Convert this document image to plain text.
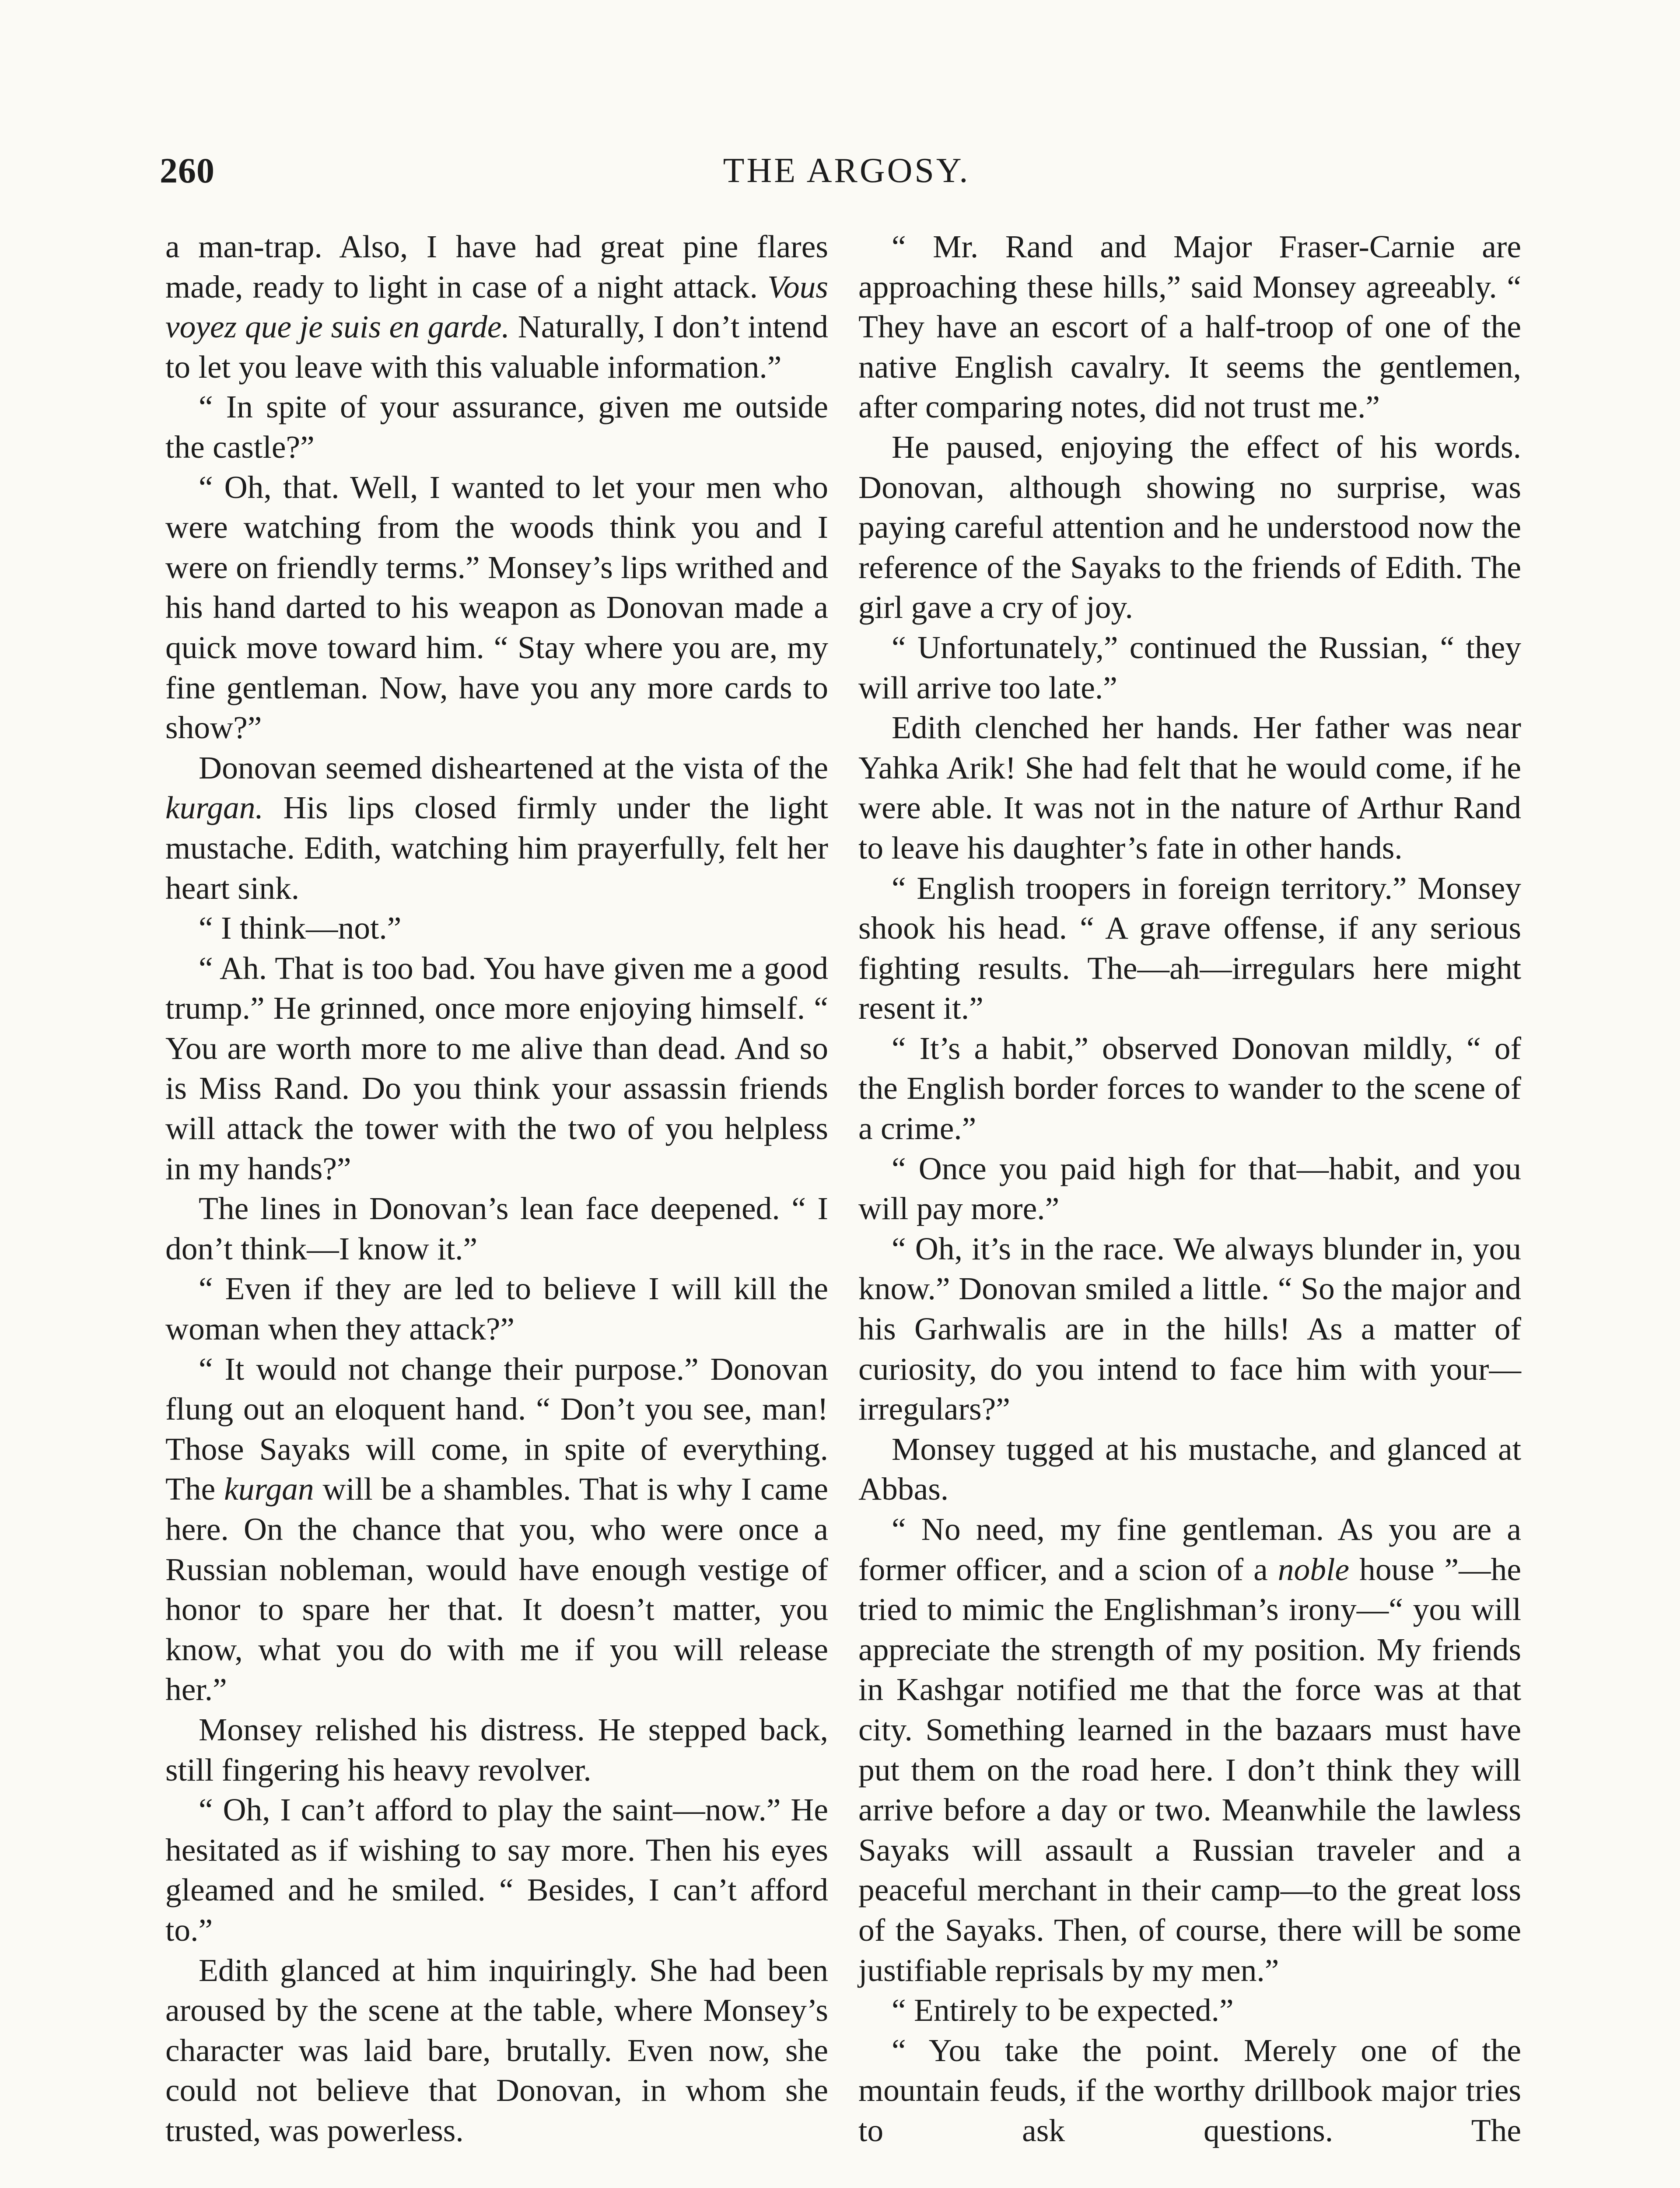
260	THE ARGOSY.

a man-trap. Also, I have had great pine flares made, ready to light in case of a night attack. Vous voyez que je suis en garde. Naturally, I don’t intend to let you leave with this valuable information.”

“ In spite of your assurance, given me outside the castle?”

“ Oh, that. Well, I wanted to let your men who were watching from the woods think you and I were on friendly terms.” Monsey’s lips writhed and his hand darted to his weapon as Donovan made a quick move toward him. “ Stay where you are, my fine gentleman. Now, have you any more cards to show?”

Donovan seemed disheartened at the vista of the kurgan. His lips closed firmly under the light mustache. Edith, watching him prayerfully, felt her heart sink.

“ I think—not.”

“ Ah. That is too bad. You have given me a good trump.” He grinned, once more enjoying himself. “ You are worth more to me alive than dead. And so is Miss Rand. Do you think your assassin friends will attack the tower with the two of you helpless in my hands?”

The lines in Donovan’s lean face deepened. “ I don’t think—I know it.”

“ Even if they are led to believe I will kill the woman when they attack?”

“ It would not change their purpose.” Donovan flung out an eloquent hand. “ Don’t you see, man! Those Sayaks will come, in spite of everything. The kurgan will be a shambles. That is why I came here. On the chance that you, who were once a Russian nobleman, would have enough vestige of honor to spare her that. It doesn’t matter, you know, what you do with me if you will release her.”

Monsey relished his distress. He stepped back, still fingering his heavy revolver.

“ Oh, I can’t afford to play the saint—now.” He hesitated as if wishing to say more. Then his eyes gleamed and he smiled. “ Besides, I can’t afford to.”

Edith glanced at him inquiringly. She had been aroused by the scene at the table, where Monsey’s character was laid bare, brutally. Even now, she could not believe that Donovan, in whom she trusted, was powerless.

“ Mr. Rand and Major Fraser-Carnie are approaching these hills,” said Monsey agreeably. “ They have an escort of a half-troop of one of the native English cavalry. It seems the gentlemen, after comparing notes, did not trust me.”

He paused, enjoying the effect of his words. Donovan, although showing no surprise, was paying careful attention and he understood now the reference of the Sayaks to the friends of Edith. The girl gave a cry of joy.

“ Unfortunately,” continued the Russian, “ they will arrive too late.”

Edith clenched her hands. Her father was near Yahka Arik! She had felt that he would come, if he were able. It was not in the nature of Arthur Rand to leave his daughter’s fate in other hands.

“ English troopers in foreign territory.” Monsey shook his head. “ A grave offense, if any serious fighting results. The—ah—irregulars here might resent it.”

“ It’s a habit,” observed Donovan mildly, “ of the English border forces to wander to the scene of a crime.”

“ Once you paid high for that—habit, and you will pay more.”

“ Oh, it’s in the race. We always blunder in, you know.” Donovan smiled a little. “ So the major and his Garhwalis are in the hills! As a matter of curiosity, do you intend to face him with your—irregulars?”

Monsey tugged at his mustache, and glanced at Abbas.

“ No need, my fine gentleman. As you are a former officer, and a scion of a noble house ”—he tried to mimic the Englishman’s irony—“ you will appreciate the strength of my position. My friends in Kashgar notified me that the force was at that city. Something learned in the bazaars must have put them on the road here. I don’t think they will arrive before a day or two. Meanwhile the lawless Sayaks will assault a Russian traveler and a peaceful merchant in their camp—to the great loss of the Sayaks. Then, of course, there will be some justifiable reprisals by my men.”

“ Entirely to be expected.”

“ You take the point. Merely one of the mountain feuds, if the worthy drillbook major tries to ask questions. The
